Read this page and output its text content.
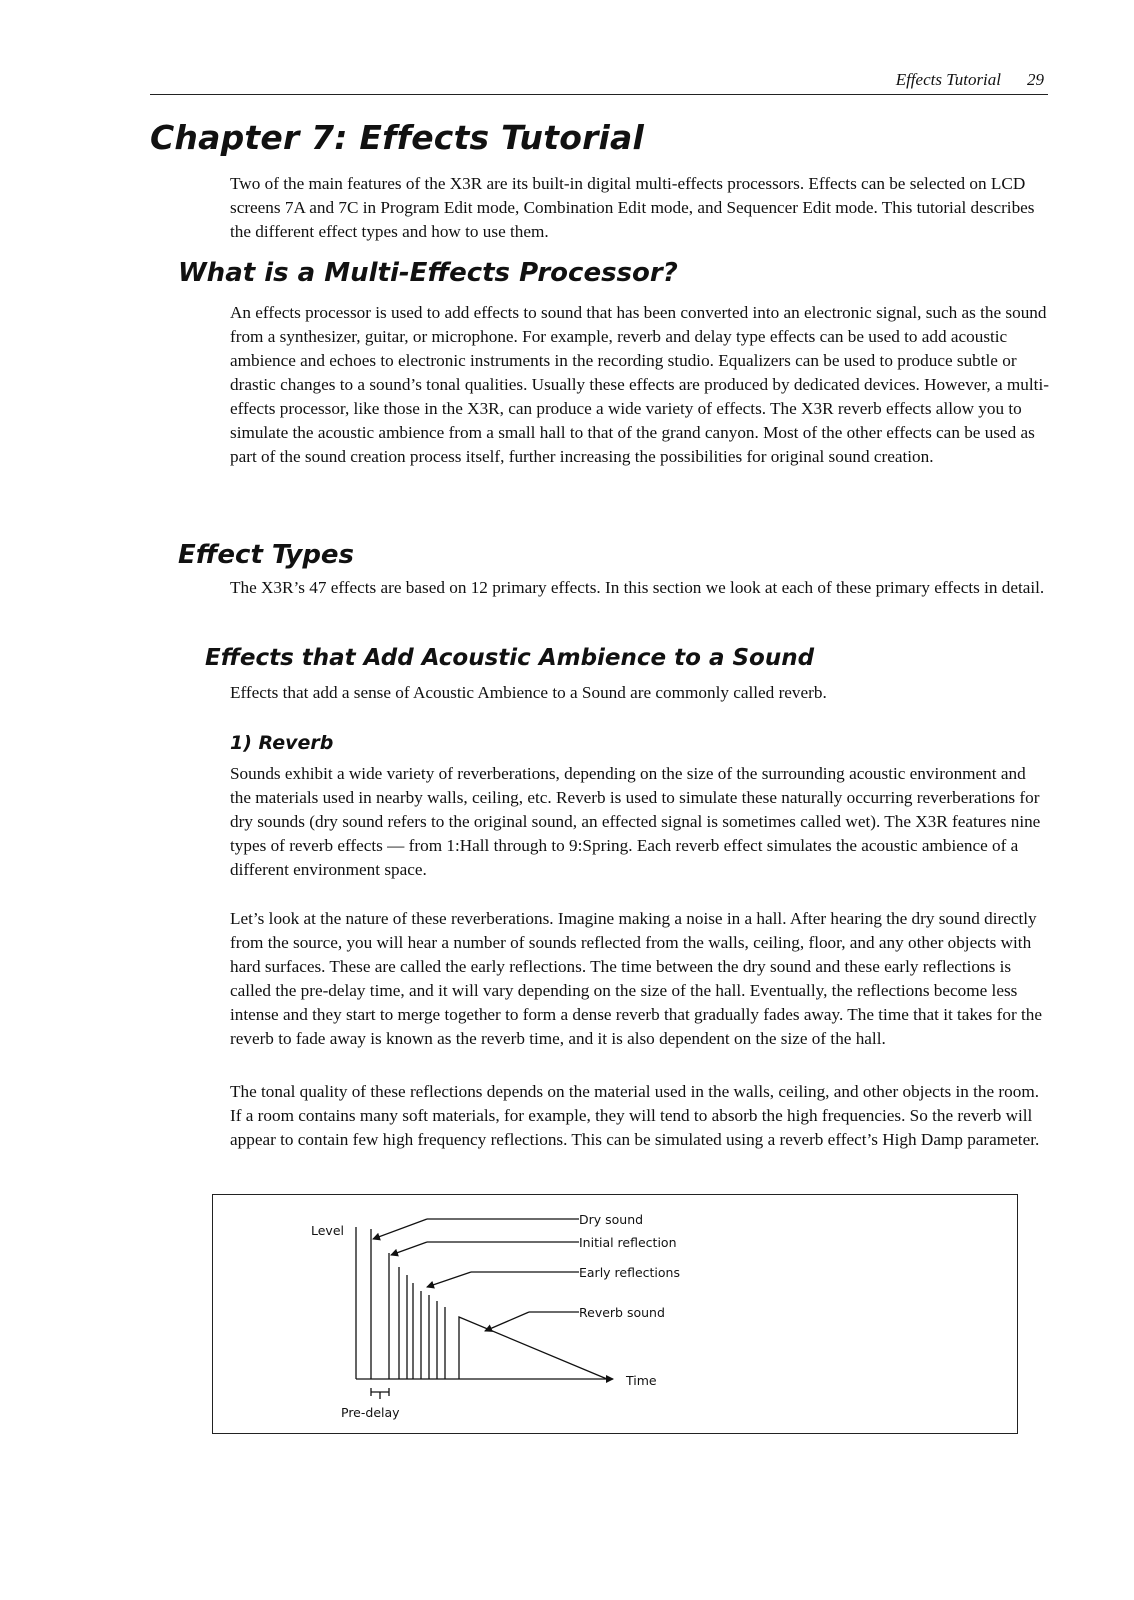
Effects Tutorial 29
Chapter 7: Effects Tutorial

Two of the main features of the X3R are its built-in digital multi-effects processors. Effects can be selected on LCD screens 7A and 7C in Program Edit mode, Combination Edit mode, and Sequencer Edit mode. This tutorial describes the different effect types and how to use them.

What is a Multi-Effects Processor?

An effects processor is used to add effects to sound that has been converted into an electronic signal, such as the sound from a synthesizer, guitar, or microphone. For example, reverb and delay type effects can be used to add acoustic ambience and echoes to electronic instruments in the recording studio. Equalizers can be used to produce subtle or drastic changes to a sound’s tonal qualities. Usually these effects are produced by dedicated devices. However, a multi-effects processor, like those in the X3R, can produce a wide variety of effects. The X3R reverb effects allow you to simulate the acoustic ambience from a small hall to that of the grand canyon. Most of the other effects can be used as part of the sound creation process itself, further increasing the possibilities for original sound creation.

Effect Types

The X3R’s 47 effects are based on 12 primary effects. In this section we look at each of these primary effects in detail.

Effects that Add Acoustic Ambience to a Sound

Effects that add a sense of Acoustic Ambience to a Sound are commonly called reverb.

1) Reverb

Sounds exhibit a wide variety of reverberations, depending on the size of the surrounding acoustic environment and the materials used in nearby walls, ceiling, etc. Reverb is used to simulate these naturally occurring reverberations for dry sounds (dry sound refers to the original sound, an effected signal is sometimes called wet). The X3R features nine types of reverb effects — from 1:Hall through to 9:Spring. Each reverb effect simulates the acoustic ambience of a different environment space.

Let’s look at the nature of these reverberations. Imagine making a noise in a hall. After hearing the dry sound directly from the source, you will hear a number of sounds reflected from the walls, ceiling, floor, and any other objects with hard surfaces. These are called the early reflections. The time between the dry sound and these early reflections is called the pre-delay time, and it will vary depending on the size of the hall. Eventually, the reflections become less intense and they start to merge together to form a dense reverb that gradually fades away. The time that it takes for the reverb to fade away is known as the reverb time, and it is also dependent on the size of the hall.

The tonal quality of these reflections depends on the material used in the walls, ceiling, and other objects in the room. If a room contains many soft materials, for example, they will tend to absorb the high frequencies. So the reverb will appear to contain few high frequency reflections. This can be simulated using a reverb effect’s High Damp parameter.

Level
Dry sound
Initial reflection
Early reflections
Reverb sound
Time
Pre-delay
